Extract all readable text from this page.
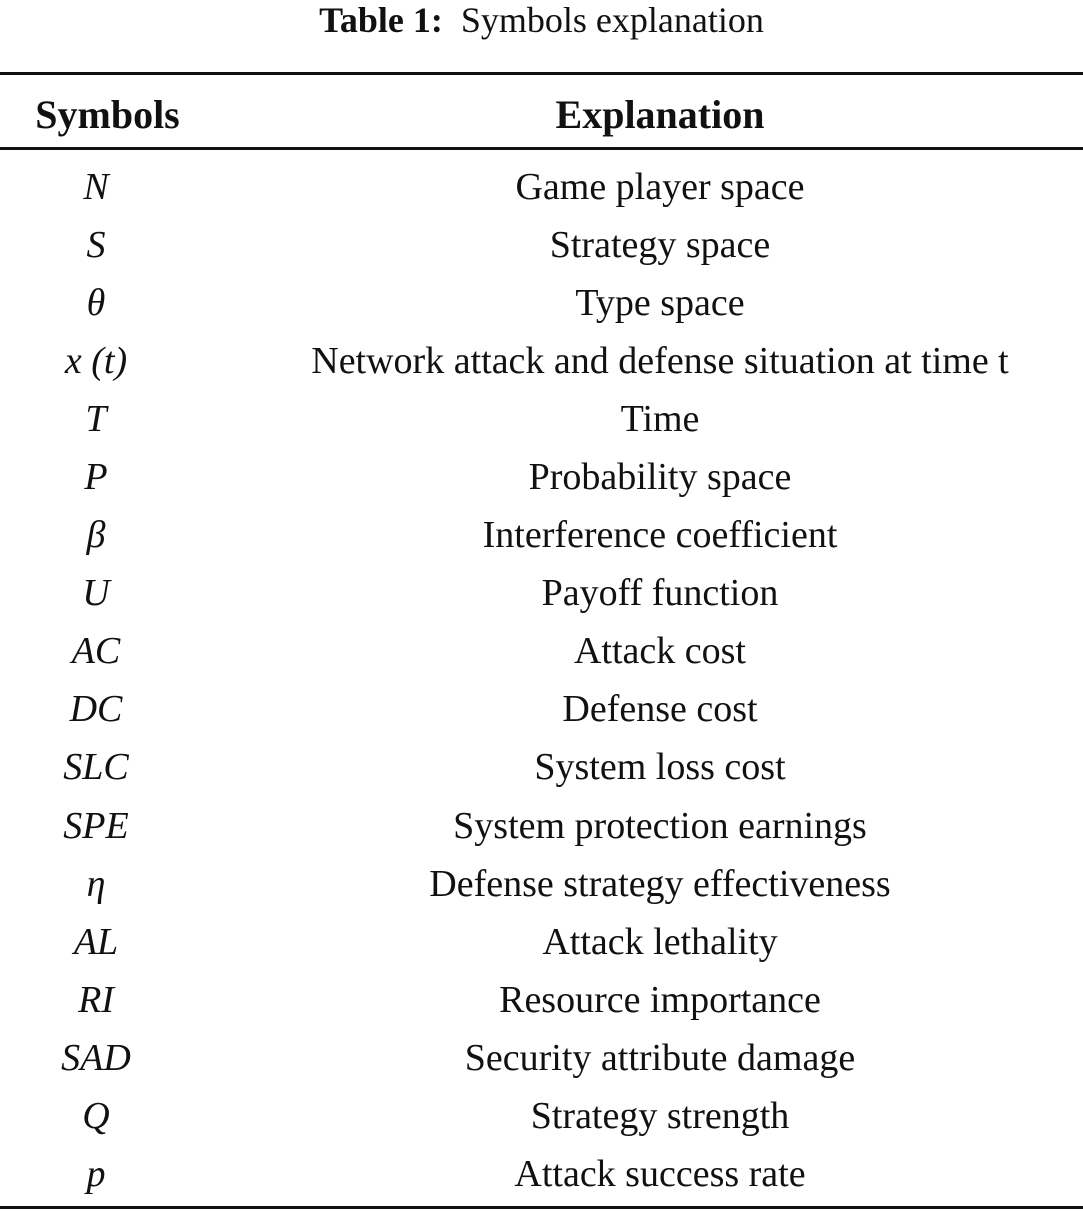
Table 1: Symbols explanation
Symbols	Explanation
N	Game player space
S	Strategy space
θ	Type space
x (t)	Network attack and defense situation at time t
T	Time
P	Probability space
β	Interference coefficient
U	Payoff function
AC	Attack cost
DC	Defense cost
SLC	System loss cost
SPE	System protection earnings
η	Defense strategy effectiveness
AL	Attack lethality
RI	Resource importance
SAD	Security attribute damage
Q	Strategy strength
p	Attack success rate
